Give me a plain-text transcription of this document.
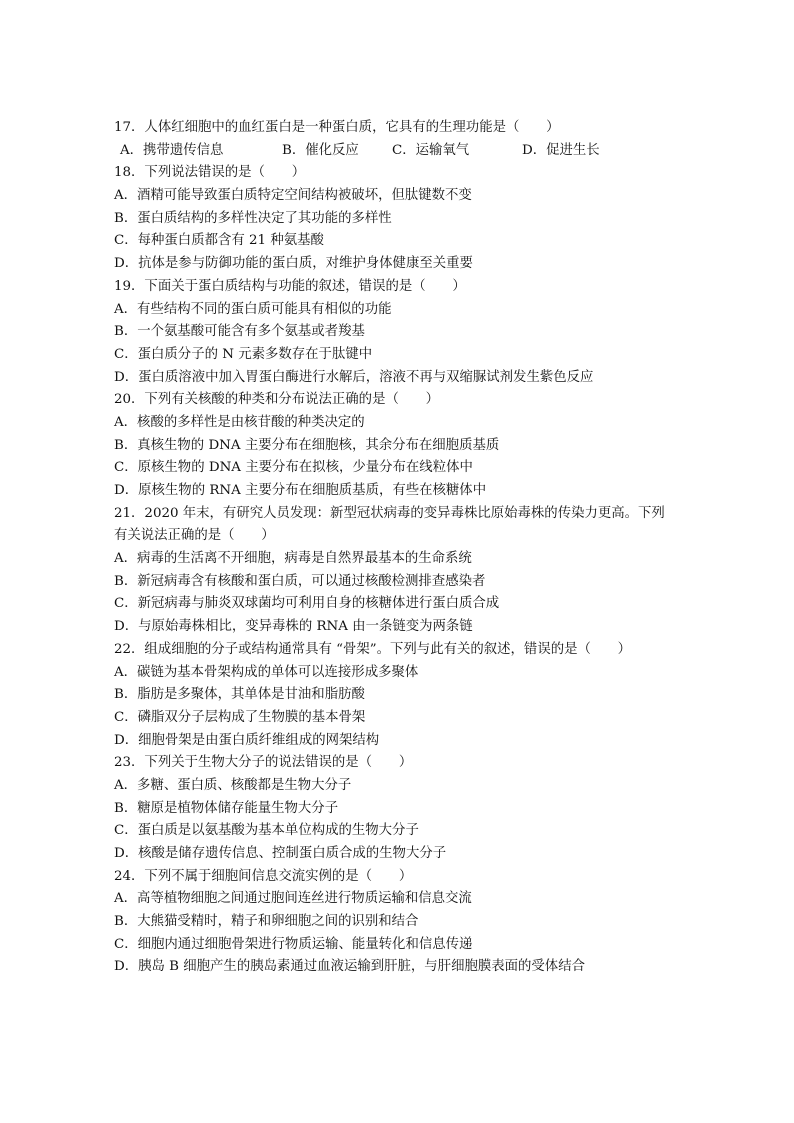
17．人体红细胞中的血红蛋白是一种蛋白质，它具有的生理功能是（　　）
A．携带遗传信息	B．催化反应	C．运输氧气	D．促进生长
18．下列说法错误的是（　　）
A．酒精可能导致蛋白质特定空间结构被破坏，但肽键数不变
B．蛋白质结构的多样性决定了其功能的多样性
C．每种蛋白质都含有 21 种氨基酸
D．抗体是参与防御功能的蛋白质，对维护身体健康至关重要
19．下面关于蛋白质结构与功能的叙述，错误的是（　　）
A．有些结构不同的蛋白质可能具有相似的功能
B．一个氨基酸可能含有多个氨基或者羧基
C．蛋白质分子的 N 元素多数存在于肽键中
D．蛋白质溶液中加入胃蛋白酶进行水解后，溶液不再与双缩脲试剂发生紫色反应
20．下列有关核酸的种类和分布说法正确的是（　　）
A．核酸的多样性是由核苷酸的种类决定的
B．真核生物的 DNA 主要分布在细胞核，其余分布在细胞质基质
C．原核生物的 DNA 主要分布在拟核，少量分布在线粒体中
D．原核生物的 RNA 主要分布在细胞质基质，有些在核糖体中
21．2020 年末，有研究人员发现：新型冠状病毒的变异毒株比原始毒株的传染力更高。下列
有关说法正确的是（　　）
A．病毒的生活离不开细胞，病毒是自然界最基本的生命系统
B．新冠病毒含有核酸和蛋白质，可以通过核酸检测排查感染者
C．新冠病毒与肺炎双球菌均可利用自身的核糖体进行蛋白质合成
D．与原始毒株相比，变异毒株的 RNA 由一条链变为两条链
22．组成细胞的分子或结构通常具有 “骨架”。下列与此有关的叙述，错误的是（　　）
A．碳链为基本骨架构成的单体可以连接形成多聚体
B．脂肪是多聚体，其单体是甘油和脂肪酸
C．磷脂双分子层构成了生物膜的基本骨架
D．细胞骨架是由蛋白质纤维组成的网架结构
23．下列关于生物大分子的说法错误的是（　　）
A．多糖、蛋白质、核酸都是生物大分子
B．糖原是植物体储存能量生物大分子
C．蛋白质是以氨基酸为基本单位构成的生物大分子
D．核酸是储存遗传信息、控制蛋白质合成的生物大分子
24．下列不属于细胞间信息交流实例的是（　　）
A．高等植物细胞之间通过胞间连丝进行物质运输和信息交流
B．大熊猫受精时，精子和卵细胞之间的识别和结合
C．细胞内通过细胞骨架进行物质运输、能量转化和信息传递
D．胰岛 B 细胞产生的胰岛素通过血液运输到肝脏，与肝细胞膜表面的受体结合
